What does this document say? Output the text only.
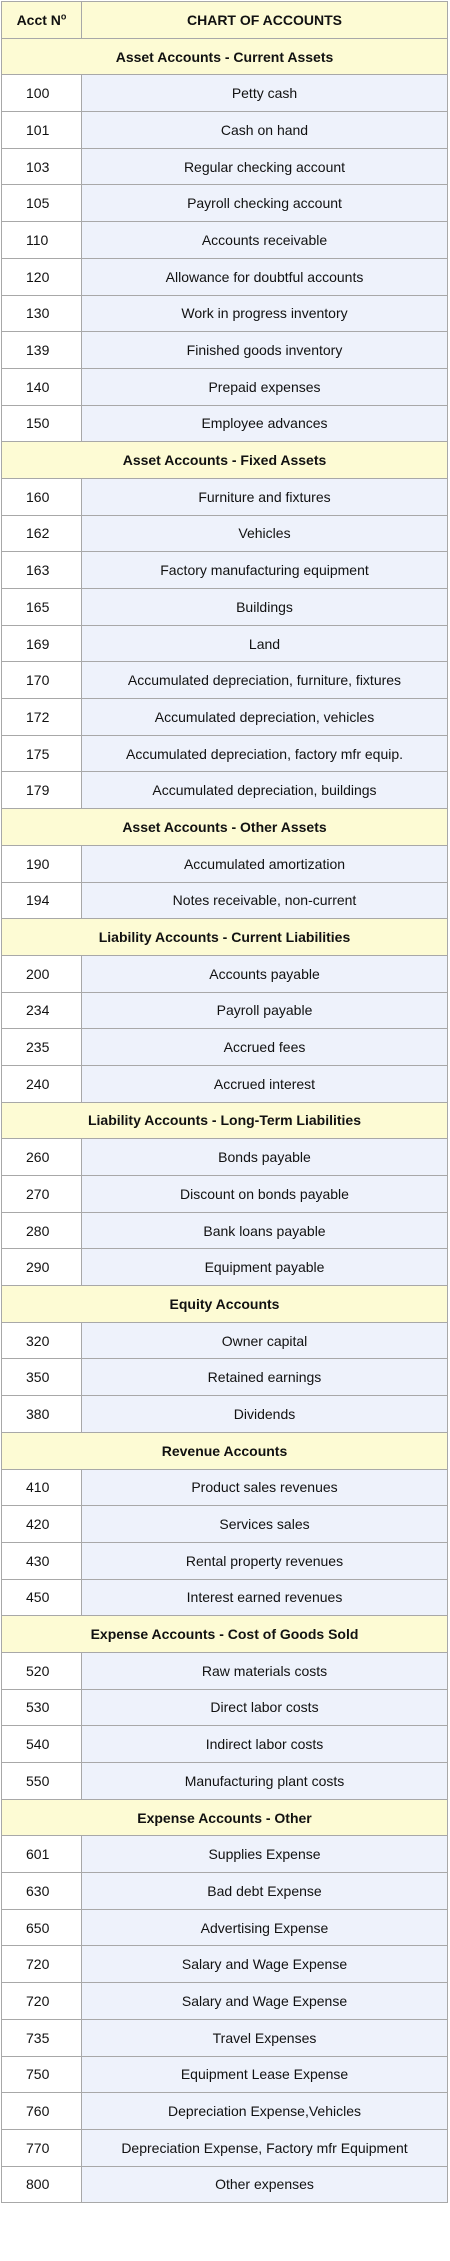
Acct $N^o$	CHART OF ACCOUNTS
Asset Accounts - Current Assets	
100	Petty cash
101	Cash on hand
103	Regular checking account
105	Payroll checking account
110	Accounts receivable
120	Allowance for doubtful accounts
130	Work in progress inventory
139	Finished goods inventory
140	Prepaid expenses
150	Employee advances
Asset Accounts - Fixed Assets	
160	Furniture and fixtures
162	Vehicles
163	Factory manufacturing equipment
165	Buildings
169	Land
170	Accumulated depreciation, furniture, fixtures
172	Accumulated depreciation, vehicles
175	Accumulated depreciation, factory mfr equip.
179	Accumulated depreciation, buildings
Asset Accounts - Other Assets	
190	Accumulated amortization
194	Notes receivable, non-current
Liability Accounts - Current Liabilities	
200	Accounts payable
234	Payroll payable
235	Accrued fees
240	Accrued interest
Liability Accounts - Long-Term Liabilities	
260	Bonds payable
270	Discount on bonds payable
280	Bank loans payable
290	Equipment payable
Equity Accounts	
320	Owner capital
350	Retained earnings
380	Dividends
Revenue Accounts	
410	Product sales revenues
420	Services sales
430	Rental property revenues
450	Interest earned revenues
Expense Accounts - Cost of Goods Sold	
520	Raw materials costs
530	Direct labor costs
540	Indirect labor costs
550	Manufacturing plant costs
Expense Accounts - Other	
601	Supplies Expense
630	Bad debt Expense
650	Advertising Expense
720	Salary and Wage Expense
720	Salary and Wage Expense
735	Travel Expenses
750	Equipment Lease Expense
760	Depreciation Expense,Vehicles
770	Depreciation Expense, Factory mfr Equipment
800	Other expenses
